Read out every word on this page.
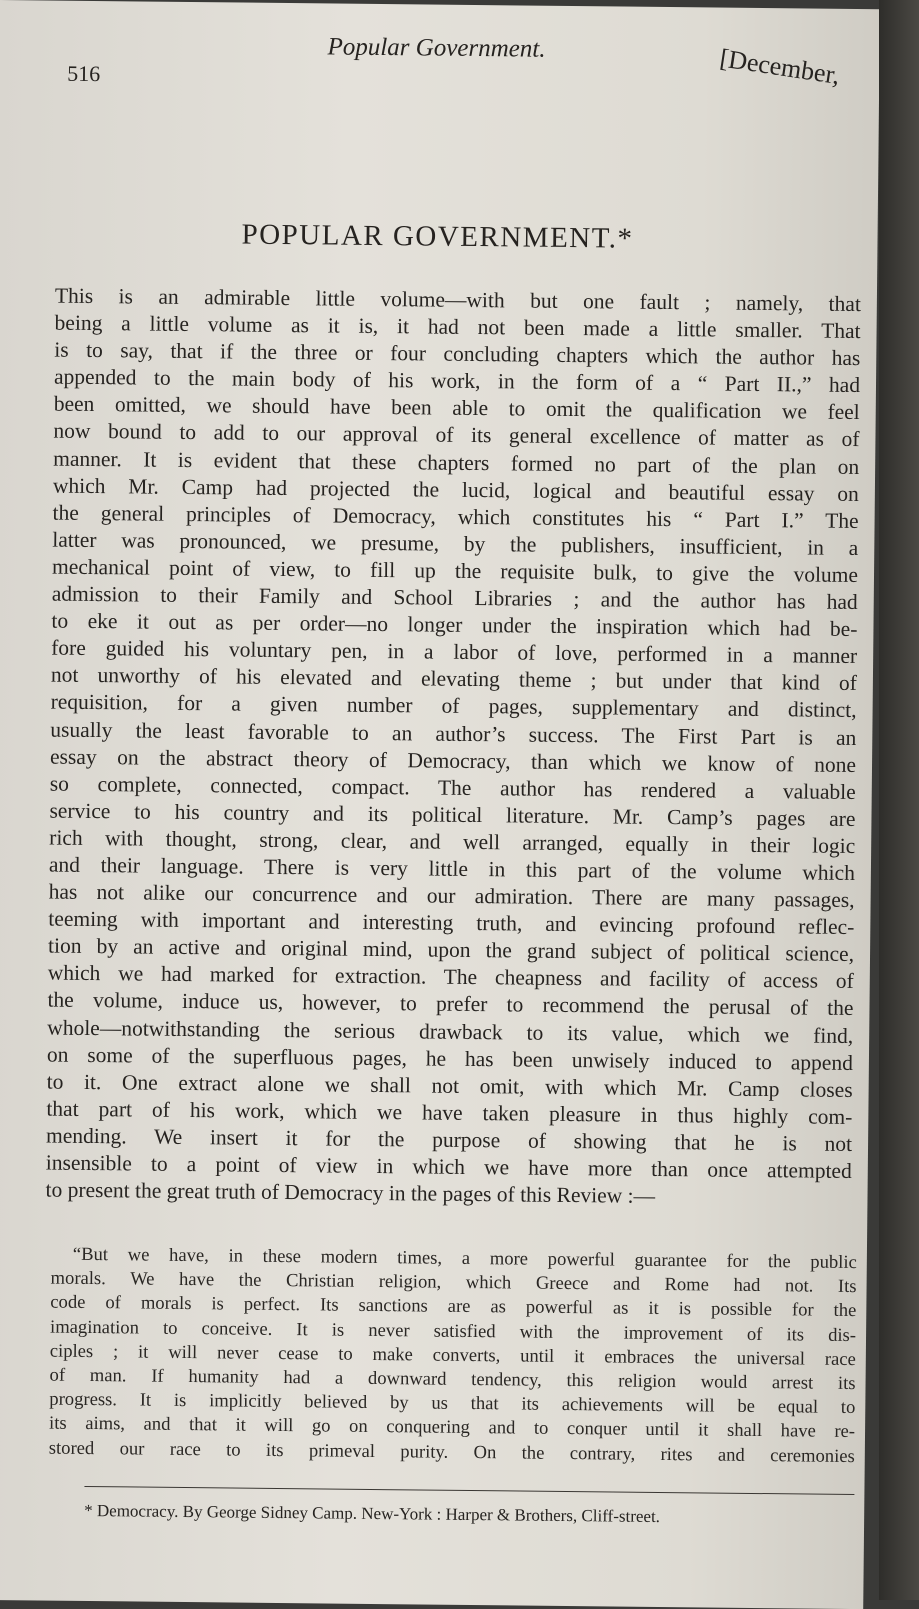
516
Popular Government.	[December,
POPULAR GOVERNMENT.*
This is an admirable little volume—with but one fault ; namely, that
being a little volume as it is, it had not been made a little smaller. That
is to say, that if the three or four concluding chapters which the author has
appended to the main body of his work, in the form of a “ Part II.,” had
been omitted, we should have been able to omit the qualification we feel
now bound to add to our approval of its general excellence of matter as of
manner. It is evident that these chapters formed no part of the plan on
which Mr. Camp had projected the lucid, logical and beautiful essay on
the general principles of Democracy, which constitutes his “ Part I.” The
latter was pronounced, we presume, by the publishers, insufficient, in a
mechanical point of view, to fill up the requisite bulk, to give the volume
admission to their Family and School Libraries ; and the author has had
to eke it out as per order—no longer under the inspiration which had be-
fore guided his voluntary pen, in a labor of love, performed in a manner
not unworthy of his elevated and elevating theme ; but under that kind of
requisition, for a given number of pages, supplementary and distinct,
usually the least favorable to an author’s success. The First Part is an
essay on the abstract theory of Democracy, than which we know of none
so complete, connected, compact. The author has rendered a valuable
service to his country and its political literature. Mr. Camp’s pages are
rich with thought, strong, clear, and well arranged, equally in their logic
and their language. There is very little in this part of the volume which
has not alike our concurrence and our admiration. There are many passages,
teeming with important and interesting truth, and evincing profound reflec-
tion by an active and original mind, upon the grand subject of political science,
which we had marked for extraction. The cheapness and facility of access of
the volume, induce us, however, to prefer to recommend the perusal of the
whole—notwithstanding the serious drawback to its value, which we find,
on some of the superfluous pages, he has been unwisely induced to append
to it. One extract alone we shall not omit, with which Mr. Camp closes
that part of his work, which we have taken pleasure in thus highly com-
mending. We insert it for the purpose of showing that he is not
insensible to a point of view in which we have more than once attempted
to present the great truth of Democracy in the pages of this Review :—
“But we have, in these modern times, a more powerful guarantee for the public
morals. We have the Christian religion, which Greece and Rome had not. Its
code of morals is perfect. Its sanctions are as powerful as it is possible for the
imagination to conceive. It is never satisfied with the improvement of its dis-
ciples ; it will never cease to make converts, until it embraces the universal race
of man. If humanity had a downward tendency, this religion would arrest its
progress. It is implicitly believed by us that its achievements will be equal to
its aims, and that it will go on conquering and to conquer until it shall have re-
stored our race to its primeval purity. On the contrary, rites and ceremonies
* Democracy. By George Sidney Camp. New-York : Harper & Brothers, Cliff-street.
